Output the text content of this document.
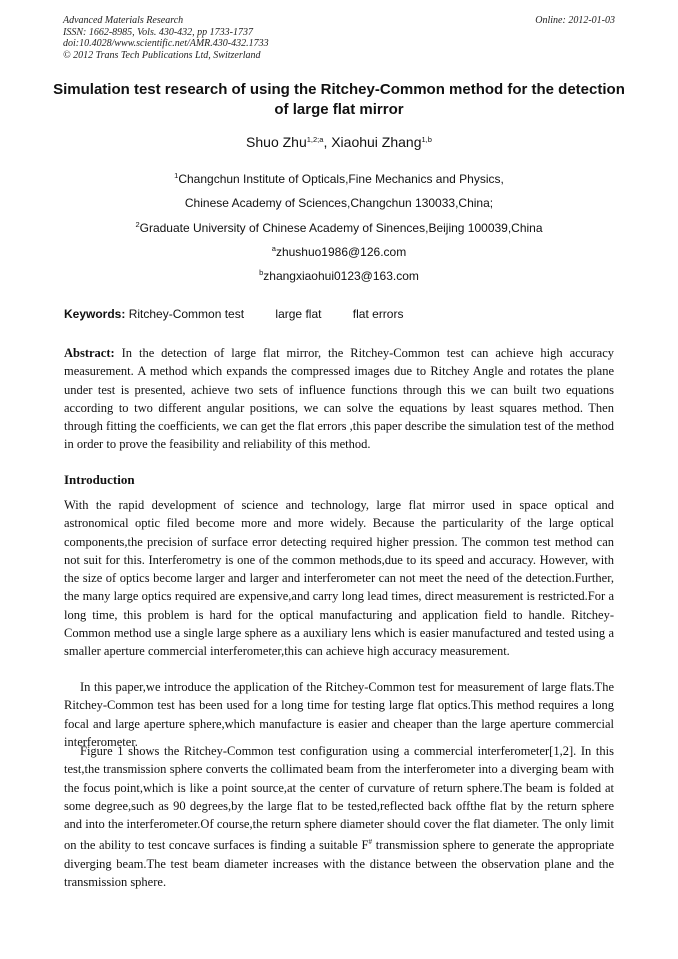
Advanced Materials Research
ISSN: 1662-8985, Vols. 430-432, pp 1733-1737
doi:10.4028/www.scientific.net/AMR.430-432.1733
© 2012 Trans Tech Publications Ltd, Switzerland
Online: 2012-01-03
Simulation test research of using the Ritchey-Common method for the detection of large flat mirror
Shuo Zhu$^{1,2;a}$, Xiaohui Zhang$^{1,b}$
$^1$Changchun Institute of Opticals,Fine Mechanics and Physics,
Chinese Academy of Sciences,Changchun 130033,China;
$^2$Graduate University of Chinese Academy of Sinences,Beijing 100039,China
$^a$zhushuo1986@126.com
$^b$zhangxiaohui0123@163.com
Keywords: Ritchey-Common test	large flat	flat errors
Abstract: In the detection of large flat mirror, the Ritchey-Common test can achieve high accuracy measurement. A method which expands the compressed images due to Ritchey Angle and rotates the plane under test is presented, achieve two sets of influence functions through this we can built two equations according to two different angular positions, we can solve the equations by least squares method. Then through fitting the coefficients, we can get the flat errors ,this paper describe the simulation test of the method in order to prove the feasibility and reliability of this method.
Introduction
With the rapid development of science and technology, large flat mirror used in space optical and astronomical optic filed become more and more widely. Because the particularity of the large optical components,the precision of surface error detecting required higher pression. The common test method can not suit for this. Interferometry is one of the common methods,due to its speed and accuracy. However, with the size of optics become larger and larger and interferometer can not meet the need of the detection.Further, the many large optics required are expensive,and carry long lead times, direct measurement is restricted.For a long time, this problem is hard for the optical manufacturing and application field to handle. Ritchey-Common method use a single large sphere as a auxiliary lens which is easier manufactured and tested using a smaller aperture commercial interferometer,this can achieve high accuracy measurement.
In this paper,we introduce the application of the Ritchey-Common test for measurement of large flats.The Ritchey-Common test has been used for a long time for testing large flat optics.This method requires a long focal and large aperture sphere,which manufacture is easier and cheaper than the large aperture commercial interferometer.
Figure 1 shows the Ritchey-Common test configuration using a commercial interferometer[1,2]. In this test,the transmission sphere converts the collimated beam from the interferometer into a diverging beam with the focus point,which is like a point source,at the center of curvature of return sphere.The beam is folded at some degree,such as 90 degrees,by the large flat to be tested,reflected back offthe flat by the return sphere and into the interferometer.Of course,the return sphere diameter should cover the flat diameter. The only limit on the ability to test concave surfaces is finding a suitable F# transmission sphere to generate the appropriate diverging beam.The test beam diameter increases with the distance between the observation plane and the transmission sphere.
